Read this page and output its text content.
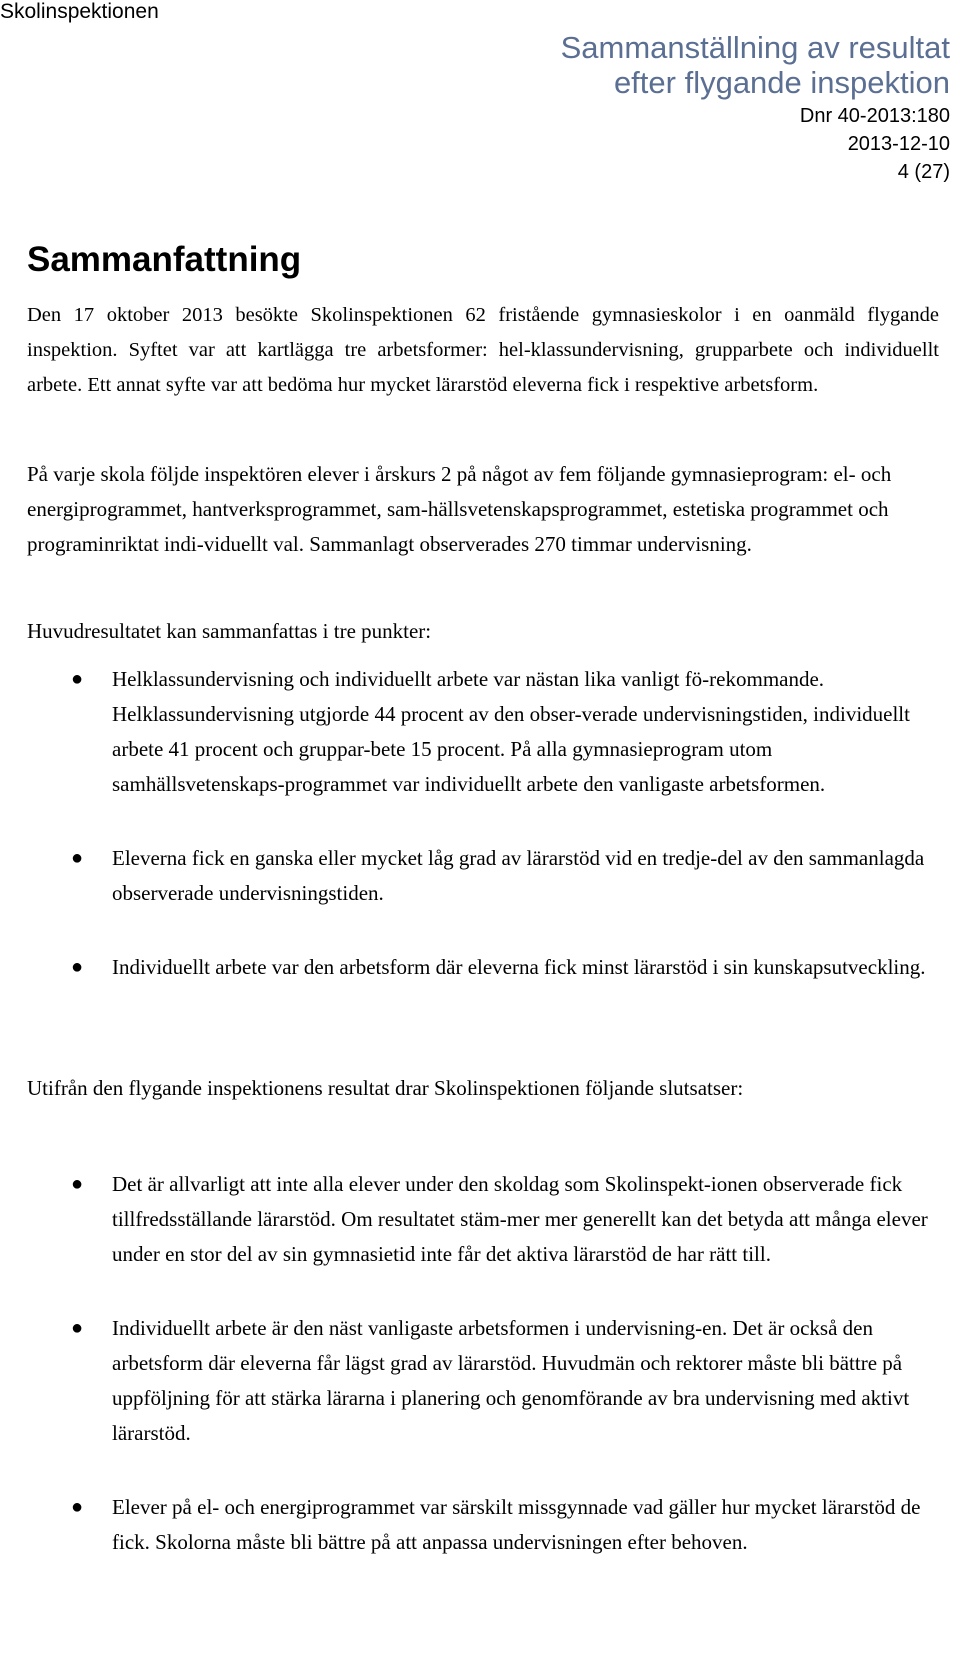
Skolinspektionen
Sammanställning av resultat
efter flygande inspektion
Dnr 40-2013:180
2013-12-10
4 (27)
Sammanfattning

Den 17 oktober 2013 besökte Skolinspektionen 62 fristående gymnasieskolor i en oanmäld flygande inspektion. Syftet var att kartlägga tre arbetsformer: hel-klassundervisning, grupparbete och individuellt arbete. Ett annat syfte var att bedöma hur mycket lärarstöd eleverna fick i respektive arbetsform.

På varje skola följde inspektören elever i årskurs 2 på något av fem följande gymnasieprogram: el- och energiprogrammet, hantverksprogrammet, sam-hällsvetenskapsprogrammet, estetiska programmet och programinriktat indi-viduellt val. Sammanlagt observerades 270 timmar undervisning.

Huvudresultatet kan sammanfattas i tre punkter:

● Helklassundervisning och individuellt arbete var nästan lika vanligt fö-rekommande. Helklassundervisning utgjorde 44 procent av den obser-verade undervisningstiden, individuellt arbete 41 procent och gruppar-bete 15 procent. På alla gymnasieprogram utom samhällsvetenskaps-programmet var individuellt arbete den vanligaste arbetsformen.
● Eleverna fick en ganska eller mycket låg grad av lärarstöd vid en tredje-del av den sammanlagda observerade undervisningstiden.
● Individuellt arbete var den arbetsform där eleverna fick minst lärarstöd i sin kunskapsutveckling.

Utifrån den flygande inspektionens resultat drar Skolinspektionen följande slutsatser:

● Det är allvarligt att inte alla elever under den skoldag som Skolinspekt-ionen observerade fick tillfredsställande lärarstöd. Om resultatet stäm-mer mer generellt kan det betyda att många elever under en stor del av sin gymnasietid inte får det aktiva lärarstöd de har rätt till.
● Individuellt arbete är den näst vanligaste arbetsformen i undervisning-en. Det är också den arbetsform där eleverna får lägst grad av lärarstöd. Huvudmän och rektorer måste bli bättre på uppföljning för att stärka lärarna i planering och genomförande av bra undervisning med aktivt lärarstöd.
● Elever på el- och energiprogrammet var särskilt missgynnade vad gäller hur mycket lärarstöd de fick. Skolorna måste bli bättre på att anpassa undervisningen efter behoven.
